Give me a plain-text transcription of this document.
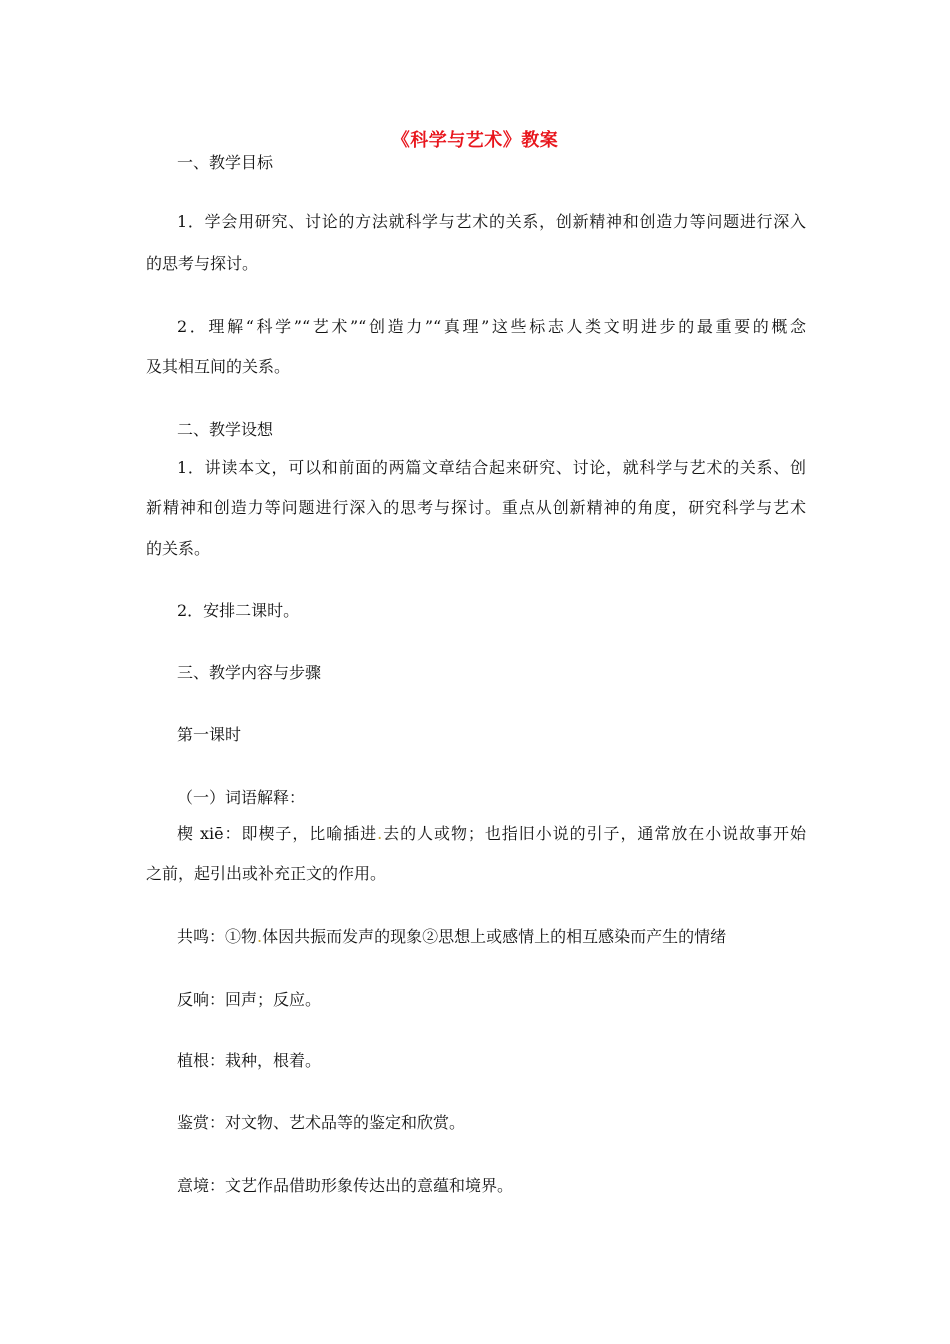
《科学与艺术》教案
一、教学目标
1．学会用研究、讨论的方法就科学与艺术的关系，创新精神和创造力等问题进行深入
的思考与探讨。
2．理解“科学”“艺术”“创造力”“真理”这些标志人类文明进步的最重要的概念
及其相互间的关系。
二、教学设想
1．讲读本文，可以和前面的两篇文章结合起来研究、讨论，就科学与艺术的关系、创
新精神和创造力等问题进行深入的思考与探讨。重点从创新精神的角度，研究科学与艺术
的关系。
2．安排二课时。
三、教学内容与步骤
第一课时
（一）词语解释：
楔 xiē：即楔子，比喻插进.去的人或物；也指旧小说的引子，通常放在小说故事开始
之前，起引出或补充正文的作用。
共鸣：①物.体因共振而发声的现象②思想上或感情上的相互感染而产生的情绪
反响：回声；反应。
植根：栽种，根着。
鉴赏：对文物、艺术品等的鉴定和欣赏。
意境：文艺作品借助形象传达出的意蕴和境界。
